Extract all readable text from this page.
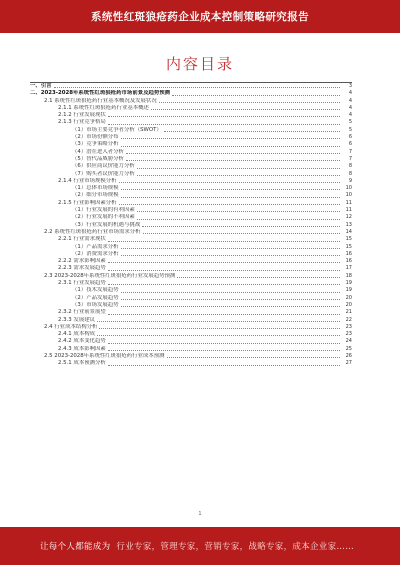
系统性红斑狼疮药企业成本控制策略研究报告
内容目录
一、引言	3
二、2023-2028年系统性红斑狼疮药市场前景及趋势预测	4
2.1 系统性红斑狼疮药行业基本概况及发展状况	4
2.1.1 系统性红斑狼疮药行业基本概述	4
2.1.2 行业发展现状	4
2.1.3 行业竞争格局	5
（1）市场主要竞争者分析（SWOT）	5
（2）市场份额分布	6
（3）竞争策略分析	6
（4）潜在进入者分析	7
（5）替代品威胁分析	7
（6）供应商议价能力分析	8
（7）购买者议价能力分析	8
2.1.4 行业市场规模分析	9
（1）总体市场规模	10
（2）细分市场规模	10
2.1.5 行业影响因素分析	11
（1）行业发展的有利因素	11
（2）行业发展的不利因素	12
（3）行业发展的机遇与挑战	13
2.2 系统性红斑狼疮药行业市场需求分析	14
2.2.1 行业需求现状	15
（1）产品需求分析	15
（2）消费需求分析	16
2.2.2 需求影响因素	16
2.2.3 需求发展趋势	17
2.3 2023-2028年系统性红斑狼疮药行业发展趋势预测	18
2.3.1 行业发展趋势	19
（1）技术发展趋势	19
（2）产品发展趋势	20
（3）市场发展趋势	20
2.3.2 行业前景展望	21
2.3.3 发展建议	22
2.4 行业成本结构分析	23
2.4.1 成本构成	23
2.4.2 成本变化趋势	24
2.4.3 成本影响因素	25
2.5 2023-2028年系统性红斑狼疮药行业成本预测	26
2.5.1 成本预测分析	27
1
让每个人都能成为 行业专家，管理专家，营销专家，战略专家，成本企业家……
